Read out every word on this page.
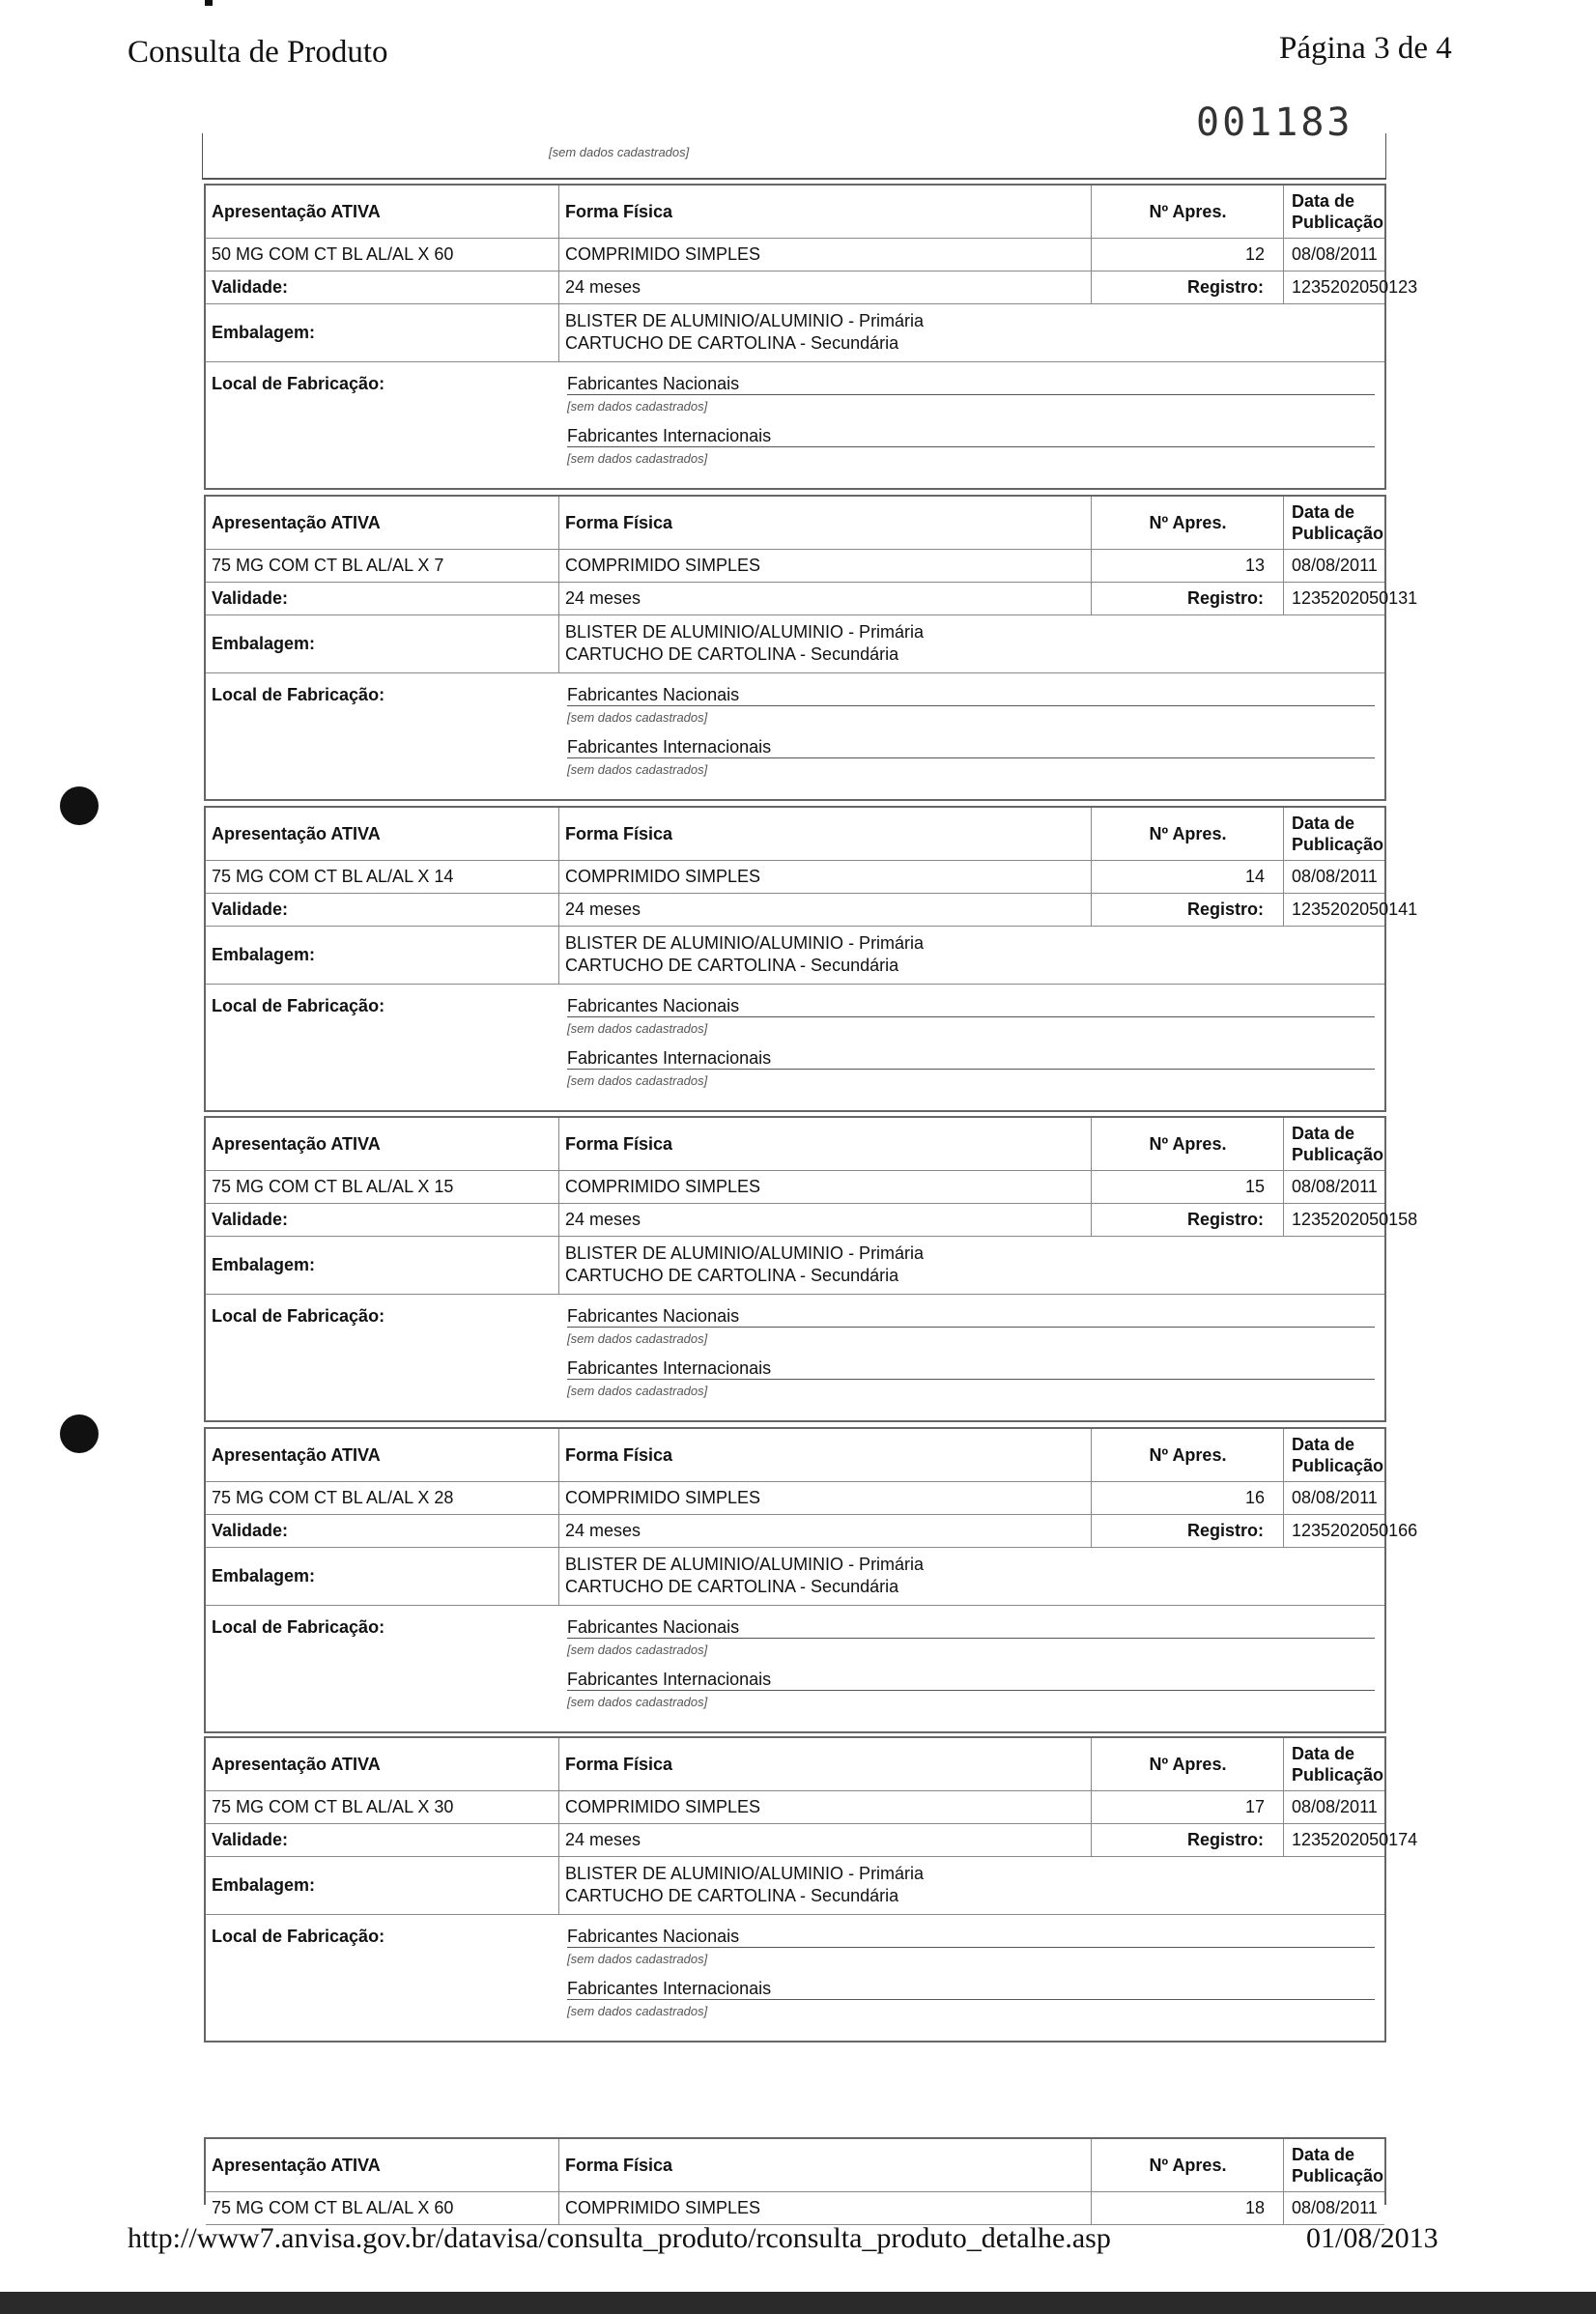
Consulta de Produto	Página 3 de 4
001183
[sem dados cadastrados]
Apresentação ATIVA	Forma Física	Nº Apres.
Data de Publicação
50 MG COM CT BL AL/AL X 60	COMPRIMIDO SIMPLES	12	08/08/2011
Validade:	24 meses	Registro:	1235202050123
Embalagem:
BLISTER DE ALUMINIO/ALUMINIO - Primária
CARTUCHO DE CARTOLINA - Secundária
Local de Fabricação:	Fabricantes Nacionais
[sem dados cadastrados]
Fabricantes Internacionais
[sem dados cadastrados]
Apresentação ATIVA	Forma Física	Nº Apres.
Data de Publicação
75 MG COM CT BL AL/AL X 7	COMPRIMIDO SIMPLES	13	08/08/2011
Validade:	24 meses	Registro:	1235202050131
Embalagem:
BLISTER DE ALUMINIO/ALUMINIO - Primária
CARTUCHO DE CARTOLINA - Secundária
Local de Fabricação:	Fabricantes Nacionais
[sem dados cadastrados]
Fabricantes Internacionais
[sem dados cadastrados]
Apresentação ATIVA	Forma Física	Nº Apres.
Data de Publicação
75 MG COM CT BL AL/AL X 14	COMPRIMIDO SIMPLES	14	08/08/2011
Validade:	24 meses	Registro:	1235202050141
Embalagem:
BLISTER DE ALUMINIO/ALUMINIO - Primária
CARTUCHO DE CARTOLINA - Secundária
Local de Fabricação:	Fabricantes Nacionais
[sem dados cadastrados]
Fabricantes Internacionais
[sem dados cadastrados]
Apresentação ATIVA	Forma Física	Nº Apres.
Data de Publicação
75 MG COM CT BL AL/AL X 15	COMPRIMIDO SIMPLES	15	08/08/2011
Validade:	24 meses	Registro:	1235202050158
Embalagem:
BLISTER DE ALUMINIO/ALUMINIO - Primária
CARTUCHO DE CARTOLINA - Secundária
Local de Fabricação:	Fabricantes Nacionais
[sem dados cadastrados]
Fabricantes Internacionais
[sem dados cadastrados]
Apresentação ATIVA	Forma Física	Nº Apres.
Data de Publicação
75 MG COM CT BL AL/AL X 28	COMPRIMIDO SIMPLES	16	08/08/2011
Validade:	24 meses	Registro:	1235202050166
Embalagem:
BLISTER DE ALUMINIO/ALUMINIO - Primária
CARTUCHO DE CARTOLINA - Secundária
Local de Fabricação:	Fabricantes Nacionais
[sem dados cadastrados]
Fabricantes Internacionais
[sem dados cadastrados]
Apresentação ATIVA	Forma Física	Nº Apres.
Data de Publicação
75 MG COM CT BL AL/AL X 30	COMPRIMIDO SIMPLES	17	08/08/2011
Validade:	24 meses	Registro:	1235202050174
Embalagem:
BLISTER DE ALUMINIO/ALUMINIO - Primária
CARTUCHO DE CARTOLINA - Secundária
Local de Fabricação:	Fabricantes Nacionais
[sem dados cadastrados]
Fabricantes Internacionais
[sem dados cadastrados]
Apresentação ATIVA	Forma Física	Nº Apres.
Data de Publicação
75 MG COM CT BL AL/AL X 60	COMPRIMIDO SIMPLES	18	08/08/2011
http://www7.anvisa.gov.br/datavisa/consulta_produto/rconsulta_produto_detalhe.asp	01/08/2013
